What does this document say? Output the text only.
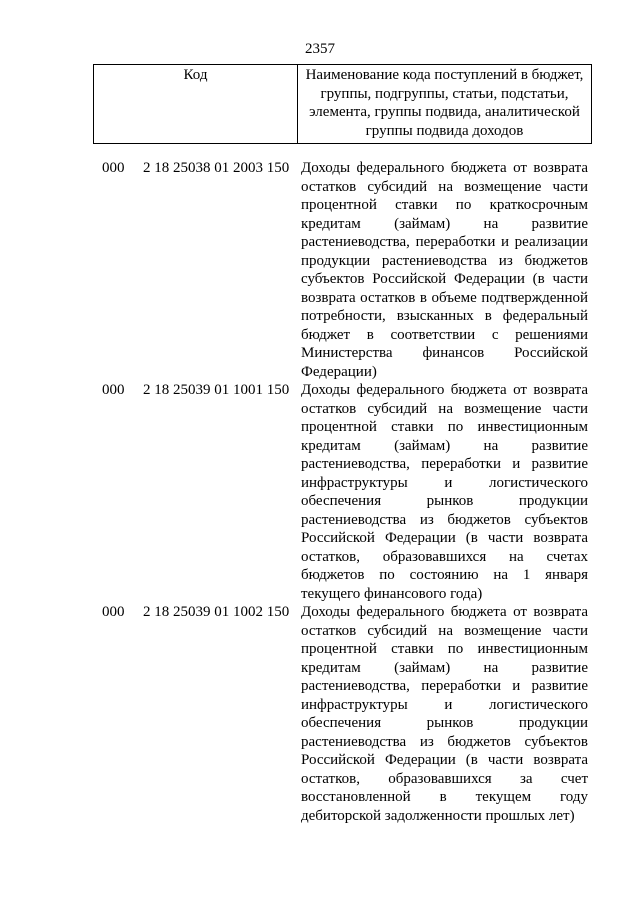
2357
Код	Наименование кода поступлений в бюджет, группы, подгруппы, статьи, подстатьи, элемента, группы подвида, аналитической группы подвида доходов
000 2 18 25038 01 2003 150 Доходы федерального бюджета от возврата остатков субсидий на возмещение части процентной ставки по краткосрочным кредитам (займам) на развитие растениеводства, переработки и реализации продукции растениеводства из бюджетов субъектов Российской Федерации (в части возврата остатков в объеме подтвержденной потребности, взысканных в федеральный бюджет в соответствии с решениями Министерства финансов Российской Федерации)
000 2 18 25039 01 1001 150 Доходы федерального бюджета от возврата остатков субсидий на возмещение части процентной ставки по инвестиционным кредитам (займам) на развитие растениеводства, переработки и развитие инфраструктуры и логистического обеспечения рынков продукции растениеводства из бюджетов субъектов Российской Федерации (в части возврата остатков, образовавшихся на счетах бюджетов по состоянию на 1 января текущего финансового года)
000 2 18 25039 01 1002 150 Доходы федерального бюджета от возврата остатков субсидий на возмещение части процентной ставки по инвестиционным кредитам (займам) на развитие растениеводства, переработки и развитие инфраструктуры и логистического обеспечения рынков продукции растениеводства из бюджетов субъектов Российской Федерации (в части возврата остатков, образовавшихся за счет восстановленной в текущем году дебиторской задолженности прошлых лет)
